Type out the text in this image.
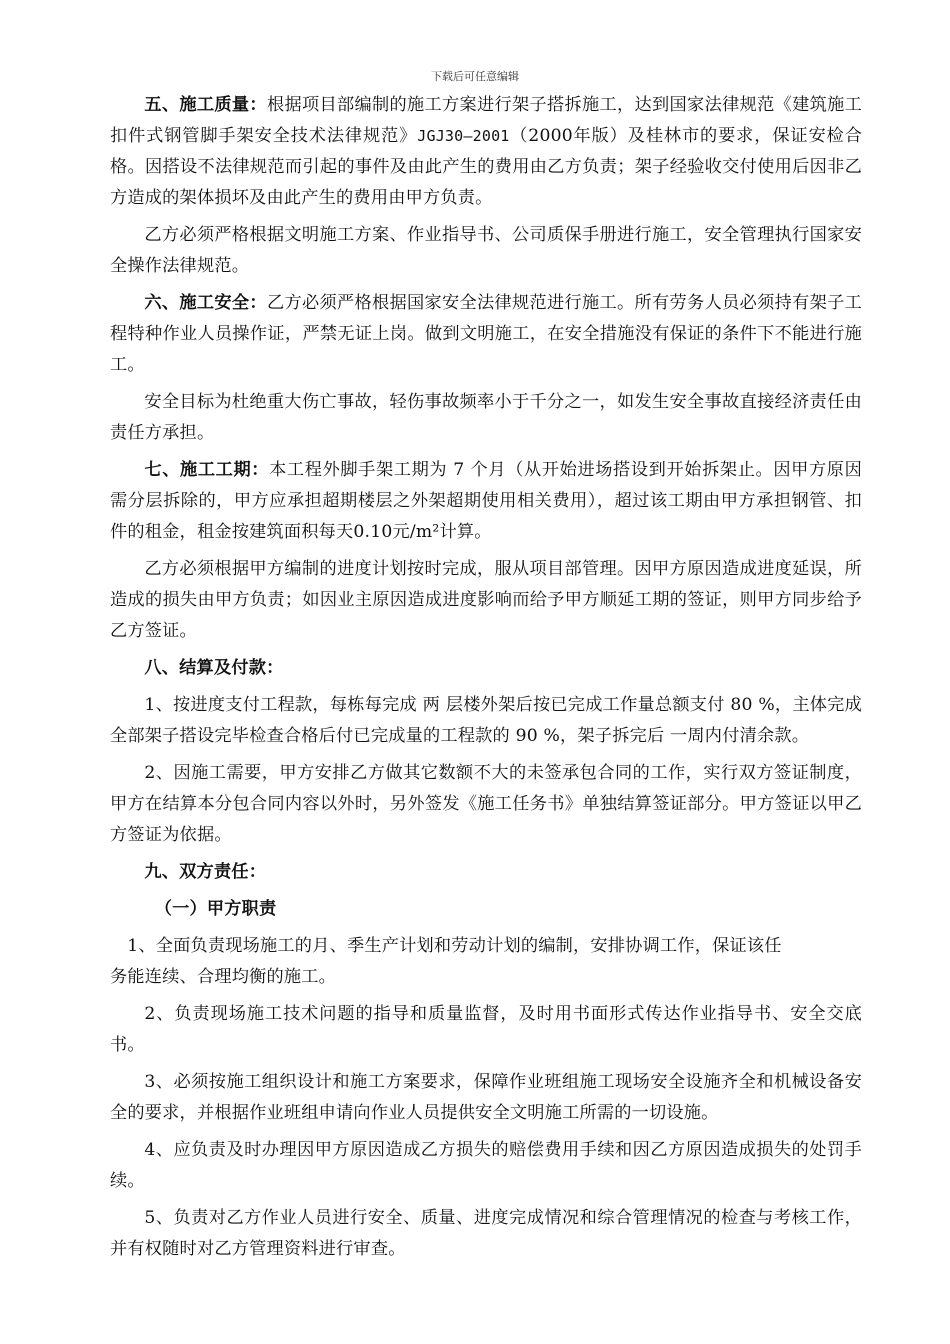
下载后可任意编辑

五、施工质量：根据项目部编制的施工方案进行架子搭拆施工，达到国家法律规范《建筑施工扣件式钢管脚手架安全技术法律规范》JGJ30—2001（2000年版）及桂林市的要求，保证安检合格。因搭设不法律规范而引起的事件及由此产生的费用由乙方负责；架子经验收交付使用后因非乙方造成的架体损坏及由此产生的费用由甲方负责。

乙方必须严格根据文明施工方案、作业指导书、公司质保手册进行施工，安全管理执行国家安全操作法律规范。

六、施工安全：乙方必须严格根据国家安全法律规范进行施工。所有劳务人员必须持有架子工程特种作业人员操作证，严禁无证上岗。做到文明施工，在安全措施没有保证的条件下不能进行施工。

安全目标为杜绝重大伤亡事故，轻伤事故频率小于千分之一，如发生安全事故直接经济责任由责任方承担。

七、施工工期：本工程外脚手架工期为 7 个月（从开始进场搭设到开始拆架止。因甲方原因需分层拆除的，甲方应承担超期楼层之外架超期使用相关费用），超过该工期由甲方承担钢管、扣件的租金，租金按建筑面积每天0.10元/m²计算。

乙方必须根据甲方编制的进度计划按时完成，服从项目部管理。因甲方原因造成进度延误，所造成的损失由甲方负责；如因业主原因造成进度影响而给予甲方顺延工期的签证，则甲方同步给予乙方签证。

八、结算及付款：

1、按进度支付工程款，每栋每完成 两 层楼外架后按已完成工作量总额支付 80 %，主体完成全部架子搭设完毕检查合格后付已完成量的工程款的 90 %，架子拆完后 一周内付清余款。

2、因施工需要，甲方安排乙方做其它数额不大的未签承包合同的工作，实行双方签证制度，甲方在结算本分包合同内容以外时，另外签发《施工任务书》单独结算签证部分。甲方签证以甲乙方签证为依据。

九、双方责任：

（一）甲方职责

1、全面负责现场施工的月、季生产计划和劳动计划的编制，安排协调工作，保证该任
务能连续、合理均衡的施工。

2、负责现场施工技术问题的指导和质量监督，及时用书面形式传达作业指导书、安全交底书。

3、必须按施工组织设计和施工方案要求，保障作业班组施工现场安全设施齐全和机械设备安全的要求，并根据作业班组申请向作业人员提供安全文明施工所需的一切设施。

4、应负责及时办理因甲方原因造成乙方损失的赔偿费用手续和因乙方原因造成损失的处罚手续。

5、负责对乙方作业人员进行安全、质量、进度完成情况和综合管理情况的检查与考核工作，并有权随时对乙方管理资料进行审查。
